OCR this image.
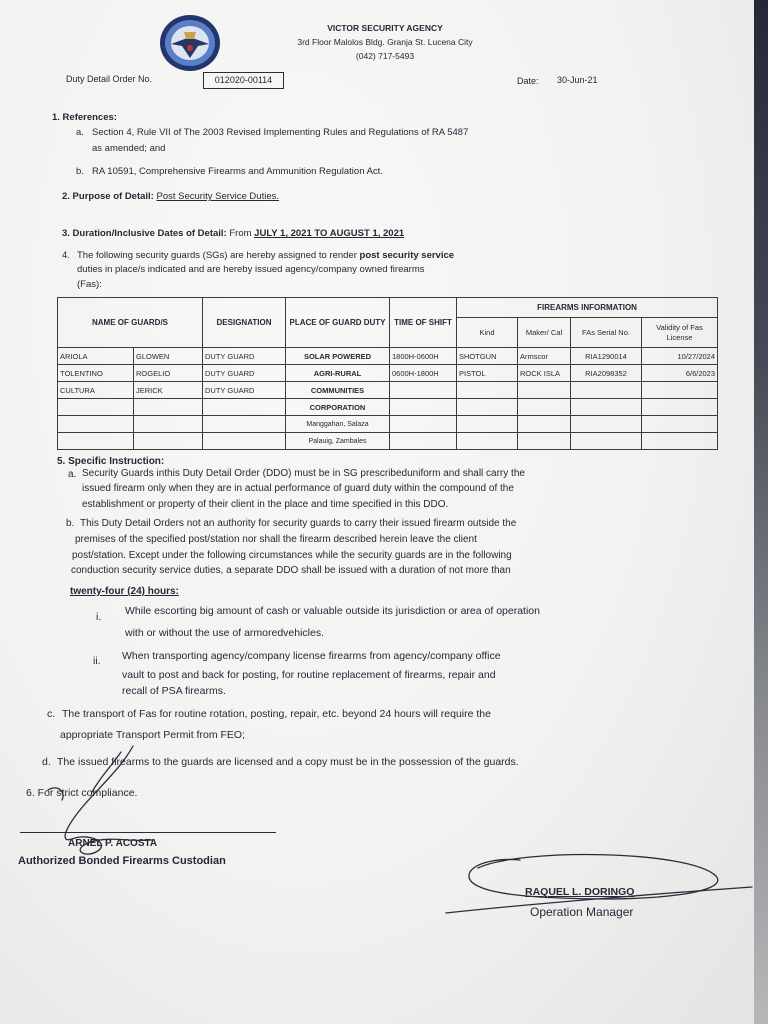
VICTOR SECURITY AGENCY
3rd Floor Malolos Bldg. Granja St. Lucena City
(042) 717-5493
Duty Detail Order No.	012020-00114	Date: 30-Jun-21
1. References:
a. Section 4, Rule VII of The 2003 Revised Implementing Rules and Regulations of RA 5487
as amended; and
b. RA 10591, Comprehensive Firearms and Ammunition Regulation Act.
2. Purpose of Detail: Post Security Service Duties.
3. Duration/Inclusive Dates of Detail: From JULY 1, 2021 TO AUGUST 1, 2021
4. The following security guards (SGs) are hereby assigned to render post security service
duties in place/s indicated and are hereby issued agency/company owned firearms
(Fas):
NAME OF GUARD/S		DESIGNATION	PLACE OF GUARD DUTY	TIME OF SHIFT	FIREARMS INFORMATION			
					Kind	Maker/ Cal	FAs Serial No.	Validity of Fas License
ARIOLA	GLOWEN	DUTY GUARD	SOLAR POWERED	1800H-0600H	SHOTGUN	Armscor	RIA1290014	10/27/2024
TOLENTINO	ROGELIO	DUTY GUARD	AGRI-RURAL	0600H-1800H	PISTOL	ROCK ISLA	RIA2098352	6/6/2023
CULTURA	JERICK	DUTY GUARD	COMMUNITIES					
			CORPORATION					
			Manggahan, Salaza					
			Palauig, Zambales					
5. Specific Instruction:
a. Security Guards inthis Duty Detail Order (DDO) must be in SG prescribeduniform and shall carry the
issued firearm only when they are in actual performance of guard duty within the compound of the
establishment or property of their client in the place and time specified in this DDO.
b. This Duty Detail Orders not an authority for security guards to carry their issued firearm outside the
premises of the specified post/station nor shall the firearm described herein leave the client
post/station. Except under the following circumstances while the security guards are in the following
conduction security service duties, a separate DDO shall be issued with a duration of not more than
twenty-four (24) hours:
i. While escorting big amount of cash or valuable outside its jurisdiction or area of operation
with or without the use of armoredvehicles.
ii. When transporting agency/company license firearms from agency/company office
vault to post and back for posting, for routine replacement of firearms, repair and
recall of PSA firearms.
c. The transport of Fas for routine rotation, posting, repair, etc. beyond 24 hours will require the
appropriate Transport Permit from FEO;
d. The issued firearms to the guards are licensed and a copy must be in the possession of the guards.
6. For strict compliance.
ARNEL P. ACOSTA
Authorized Bonded Firearms Custodian
RAQUEL L. DORINGO
Operation Manager
